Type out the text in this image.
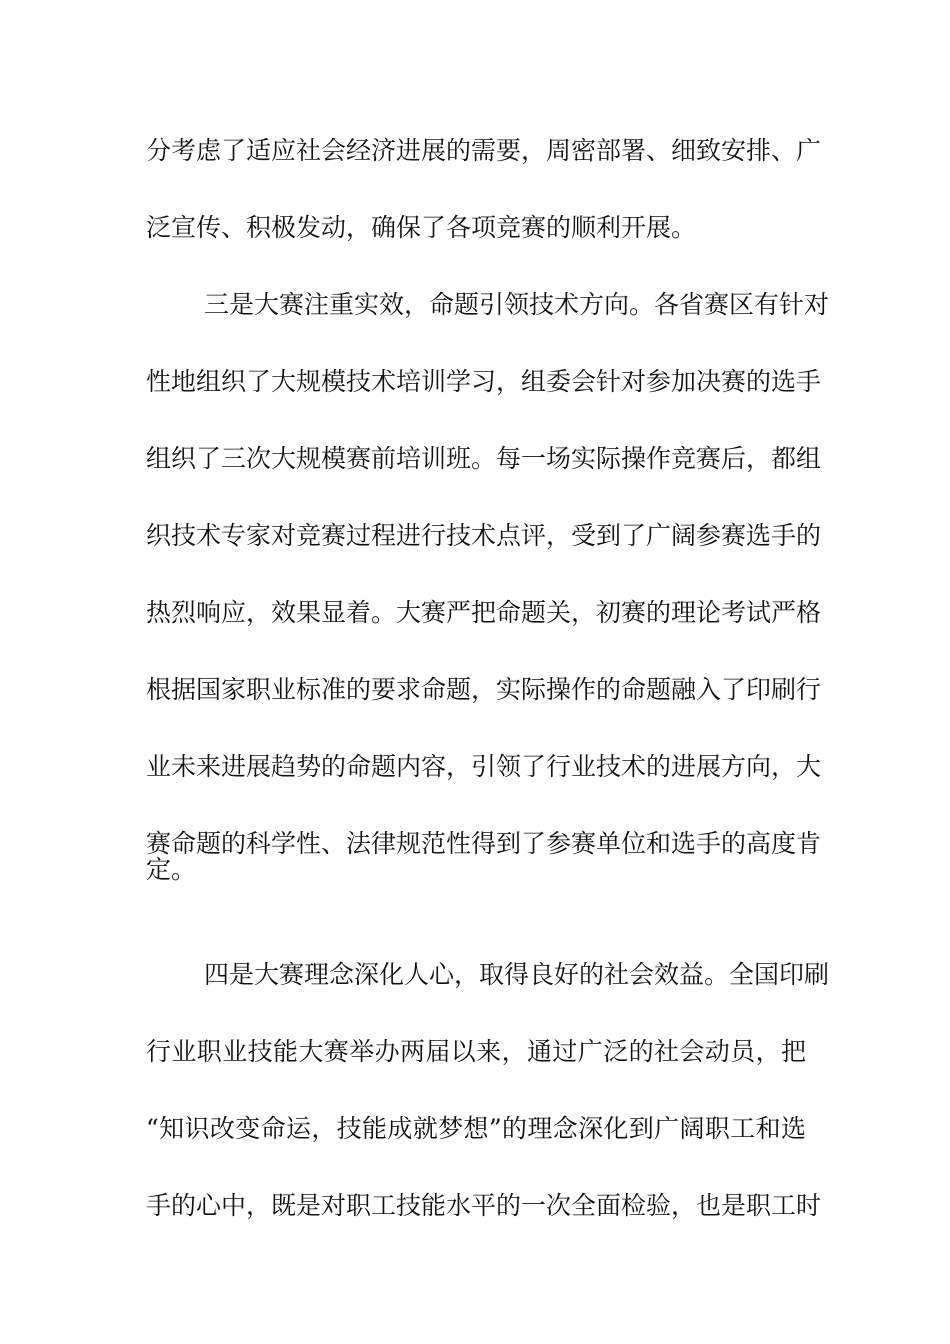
分考虑了适应社会经济进展的需要，周密部署、细致安排、广
泛宣传、积极发动，确保了各项竞赛的顺利开展。
三是大赛注重实效，命题引领技术方向。各省赛区有针对
性地组织了大规模技术培训学习，组委会针对参加决赛的选手
组织了三次大规模赛前培训班。每一场实际操作竞赛后，都组
织技术专家对竞赛过程进行技术点评，受到了广阔参赛选手的
热烈响应，效果显着。大赛严把命题关，初赛的理论考试严格
根据国家职业标准的要求命题，实际操作的命题融入了印刷行
业未来进展趋势的命题内容，引领了行业技术的进展方向，大
赛命题的科学性、法律规范性得到了参赛单位和选手的高度肯
定。
四是大赛理念深化人心，取得良好的社会效益。全国印刷
行业职业技能大赛举办两届以来，通过广泛的社会动员，把
“知识改变命运，技能成就梦想”的理念深化到广阔职工和选
手的心中，既是对职工技能水平的一次全面检验，也是职工时
